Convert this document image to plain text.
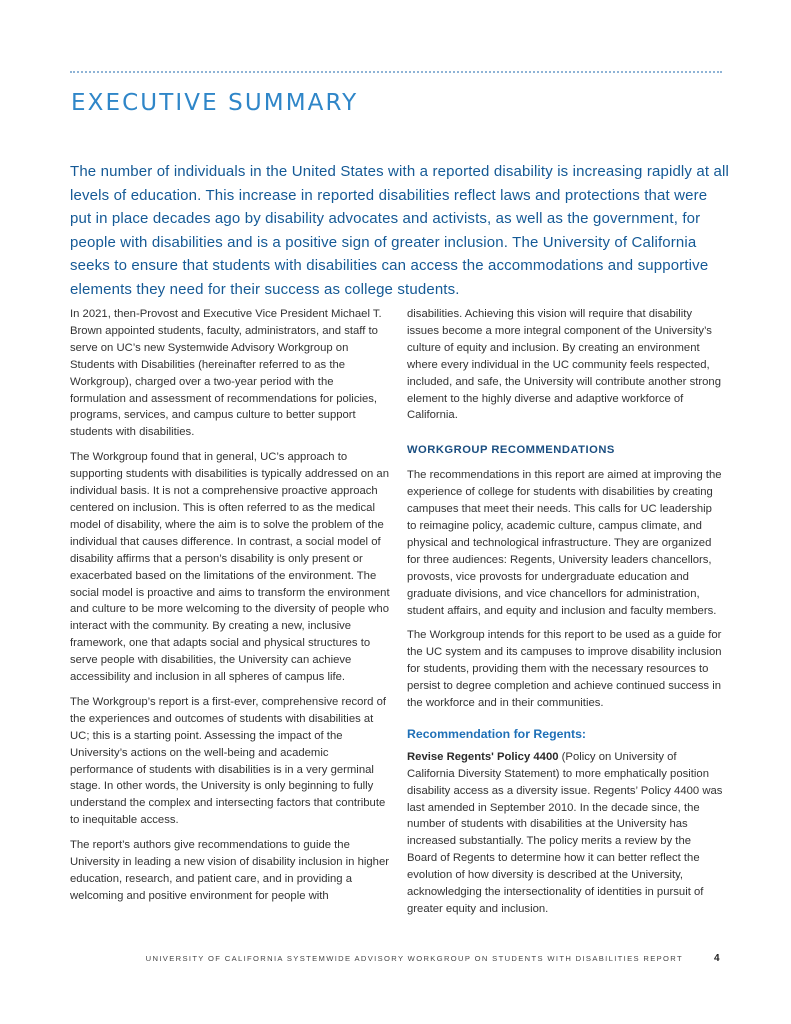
EXECUTIVE SUMMARY

The number of individuals in the United States with a reported disability is increasing rapidly at all levels of education. This increase in reported disabilities reflect laws and protections that were put in place decades ago by disability advocates and activists, as well as the government, for people with disabilities and is a positive sign of greater inclusion. The University of California seeks to ensure that students with disabilities can access the accommodations and supportive elements they need for their success as college students.

In 2021, then-Provost and Executive Vice President Michael T. Brown appointed students, faculty, administrators, and staff to serve on UC’s new Systemwide Advisory Workgroup on Students with Disabilities (hereinafter referred to as the Workgroup), charged over a two-year period with the formulation and assessment of recommendations for policies, programs, services, and campus culture to better support students with disabilities.

The Workgroup found that in general, UC’s approach to supporting students with disabilities is typically addressed on an individual basis. It is not a comprehensive proactive approach centered on inclusion. This is often referred to as the medical model of disability, where the aim is to solve the problem of the individual that causes difference. In contrast, a social model of disability affirms that a person’s disability is only present or exacerbated based on the limitations of the environment. The social model is proactive and aims to transform the environment and culture to be more welcoming to the diversity of people who interact with the community. By creating a new, inclusive framework, one that adapts social and physical structures to serve people with disabilities, the University can achieve accessibility and inclusion in all spheres of campus life.

The Workgroup’s report is a first-ever, comprehensive record of the experiences and outcomes of students with disabilities at UC; this is a starting point. Assessing the impact of the University’s actions on the well-being and academic performance of students with disabilities is in a very germinal stage. In other words, the University is only beginning to fully understand the complex and intersecting factors that contribute to inequitable access.

The report’s authors give recommendations to guide the University in leading a new vision of disability inclusion in higher education, research, and patient care, and in providing a welcoming and positive environment for people with

disabilities. Achieving this vision will require that disability issues become a more integral component of the University’s culture of equity and inclusion. By creating an environment where every individual in the UC community feels respected, included, and safe, the University will contribute another strong element to the highly diverse and adaptive workforce of California.

WORKGROUP RECOMMENDATIONS

The recommendations in this report are aimed at improving the experience of college for students with disabilities by creating campuses that meet their needs. This calls for UC leadership to reimagine policy, academic culture, campus climate, and physical and technological infrastructure. They are organized for three audiences: Regents, University leaders chancellors, provosts, vice provosts for undergraduate education and graduate divisions, and vice chancellors for administration, student affairs, and equity and inclusion and faculty members.

The Workgroup intends for this report to be used as a guide for the UC system and its campuses to improve disability inclusion for students, providing them with the necessary resources to persist to degree completion and achieve continued success in the workforce and in their communities.

Recommendation for Regents:

Revise Regents' Policy 4400 (Policy on University of California Diversity Statement) to more emphatically position disability access as a diversity issue. Regents’ Policy 4400 was last amended in September 2010. In the decade since, the number of students with disabilities at the University has increased substantially. The policy merits a review by the Board of Regents to determine how it can better reflect the evolution of how diversity is described at the University, acknowledging the intersectionality of identities in pursuit of greater equity and inclusion.

UNIVERSITY OF CALIFORNIA SYSTEMWIDE ADVISORY WORKGROUP ON STUDENTS WITH DISABILITIES REPORT	4
